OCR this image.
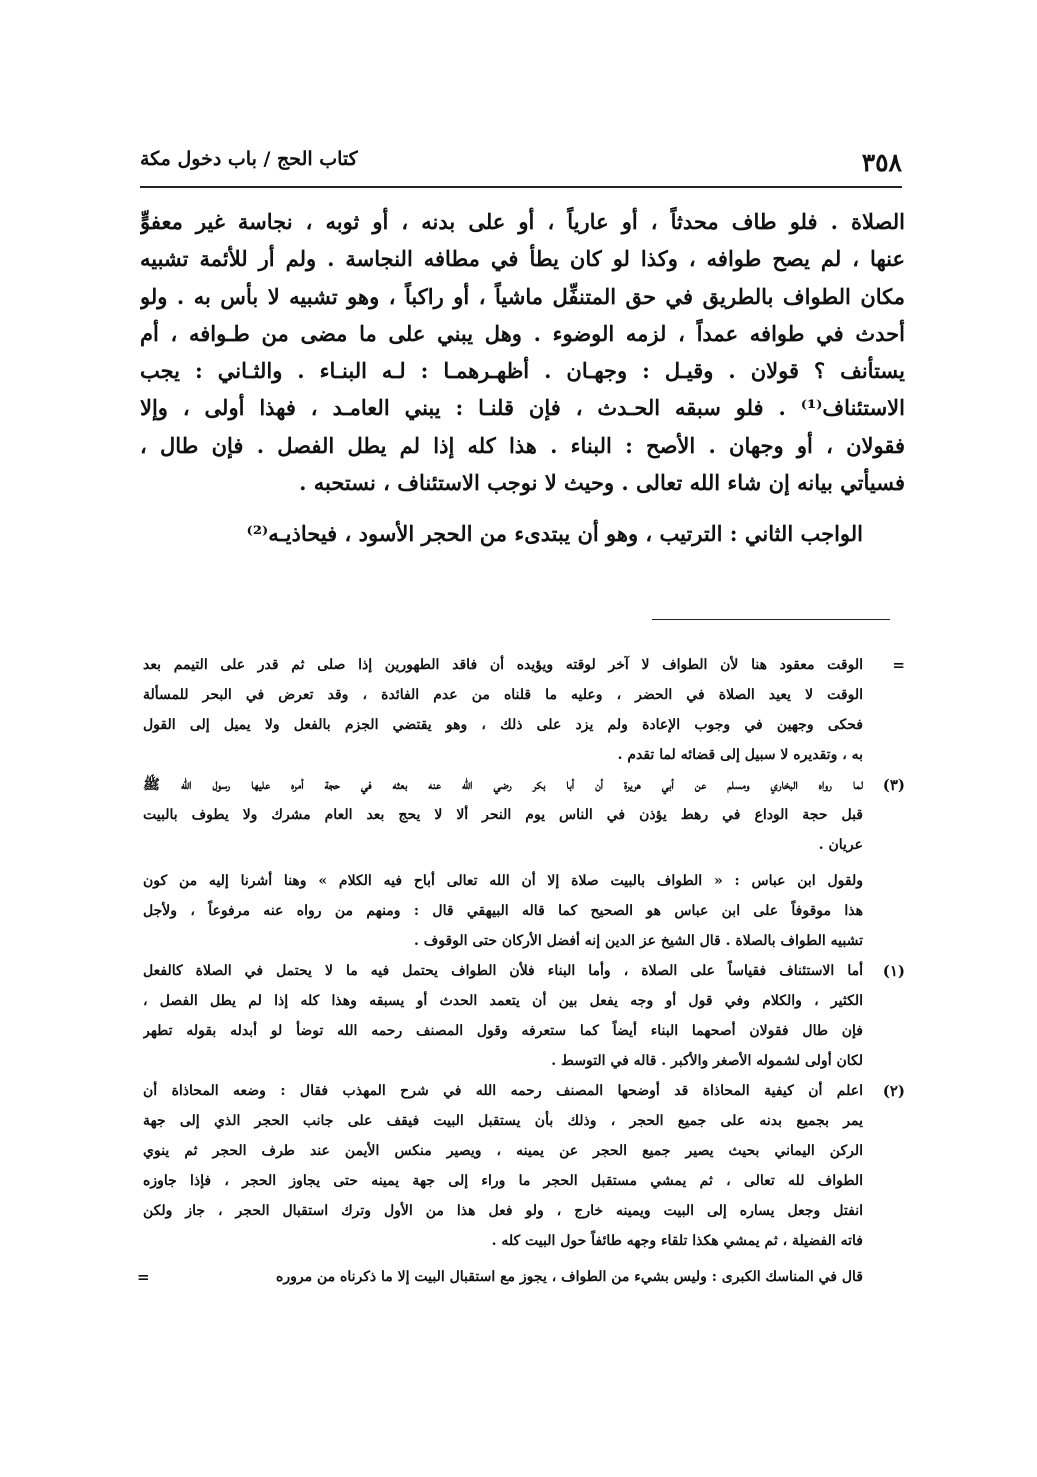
٣٥٨
كتاب الحج / باب دخول مكة
الصلاة . فلو طاف محدثاً ، أو عارياً ، أو على بدنه ، أو ثوبه ، نجاسة غير معفوٍّ
عنها ، لم يصح طوافه ، وكذا لو كان يطأ في مطافه النجاسة . ولم أر للأئمة تشبيه
مكان الطواف بالطريق في حق المتنفِّل ماشياً ، أو راكباً ، وهو تشبيه لا بأس به . ولو
أحدث في طوافه عمداً ، لزمه الوضوء . وهل يبني على ما مضى من طـوافه ، أم
يستأنف ؟ قولان . وقيـل : وجهـان . أظهـرهمـا : لـه البنـاء . والثـاني : يجب
الاستئناف⁽¹⁾ . فلو سبقه الحـدث ، فإن قلنـا : يبني العامـد ، فهذا أولى ، وإلا
فقولان ، أو وجهان . الأصح : البناء . هذا كله إذا لم يطل الفصل . فإن طال ،
فسيأتي بيانه إن شاء الله تعالى . وحيث لا نوجب الاستئناف ، نستحبه .
الواجب الثاني : الترتيب ، وهو أن يبتدىء من الحجر الأسود ، فيحاذيـه⁽²⁾
=
الوقت معقود هنا لأن الطواف لا آخر لوقته ويؤيده أن فاقد الطهورين إذا صلى ثم قدر على التيمم بعد
الوقت لا يعيد الصلاة في الحضر ، وعليه ما قلناه من عدم الفائدة ، وقد تعرض في البحر للمسألة
فحكى وجهين في وجوب الإعادة ولم يزد على ذلك ، وهو يقتضي الجزم بالفعل ولا يميل إلى القول
به ، وتقديره لا سبيل إلى قضائه لما تقدم .
(٣)
لما رواه البخاري ومسلم عن أبي هريرة أن أبا بكر رضي الله عنه بعثه في حجة أمره عليها رسول الله ﷺ
قبل حجة الوداع في رهط يؤذن في الناس يوم النحر ألا لا يحج بعد العام مشرك ولا يطوف بالبيت
عريان .
ولقول ابن عباس : « الطواف بالبيت صلاة إلا أن الله تعالى أباح فيه الكلام » وهنا أشرنا إليه من كون
هذا موقوفاً على ابن عباس هو الصحيح كما قاله البيهقي قال : ومنهم من رواه عنه مرفوعاً ، ولأجل
تشبيه الطواف بالصلاة . قال الشيخ عز الدين إنه أفضل الأركان حتى الوقوف .
(١)
أما الاستئناف فقياساً على الصلاة ، وأما البناء فلأن الطواف يحتمل فيه ما لا يحتمل في الصلاة كالفعل
الكثير ، والكلام وفي قول أو وجه يفعل بين أن يتعمد الحدث أو يسبقه وهذا كله إذا لم يطل الفصل ،
فإن طال فقولان أصحهما البناء أيضاً كما ستعرفه وقول المصنف رحمه الله توضأ لو أبدله بقوله تطهر
لكان أولى لشموله الأصغر والأكبر . قاله في التوسط .
(٢)
اعلم أن كيفية المحاذاة قد أوضحها المصنف رحمه الله في شرح المهذب فقال : وضعه المحاذاة أن
يمر بجميع بدنه على جميع الحجر ، وذلك بأن يستقبل البيت فيقف على جانب الحجر الذي إلى جهة
الركن اليماني بحيث يصير جميع الحجر عن يمينه ، ويصير منكس الأيمن عند طرف الحجر ثم ينوي
الطواف لله تعالى ، ثم يمشي مستقبل الحجر ما وراء إلى جهة يمينه حتى يجاوز الحجر ، فإذا جاوزه
انفتل وجعل يساره إلى البيت ويمينه خارج ، ولو فعل هذا من الأول وترك استقبال الحجر ، جاز ولكن
فاته الفضيلة ، ثم يمشي هكذا تلقاء وجهه طائفاً حول البيت كله .
قال في المناسك الكبرى : وليس بشيء من الطواف ، يجوز مع استقبال البيت إلا ما ذكرناه من مروره
=
